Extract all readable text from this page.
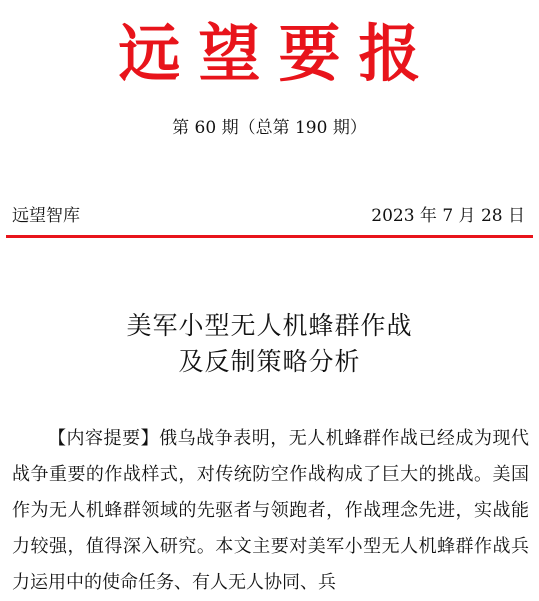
远望要报
第 60 期（总第 190 期）
远望智库	2023 年 7 月 28 日
美军小型无人机蜂群作战
及反制策略分析
【内容提要】俄乌战争表明，无人机蜂群作战已经成为现代战争重要的作战样式，对传统防空作战构成了巨大的挑战。美国作为无人机蜂群领域的先驱者与领跑者，作战理念先进，实战能力较强，值得深入研究。本文主要对美军小型无人机蜂群作战兵力运用中的使命任务、有人无人协同、兵
